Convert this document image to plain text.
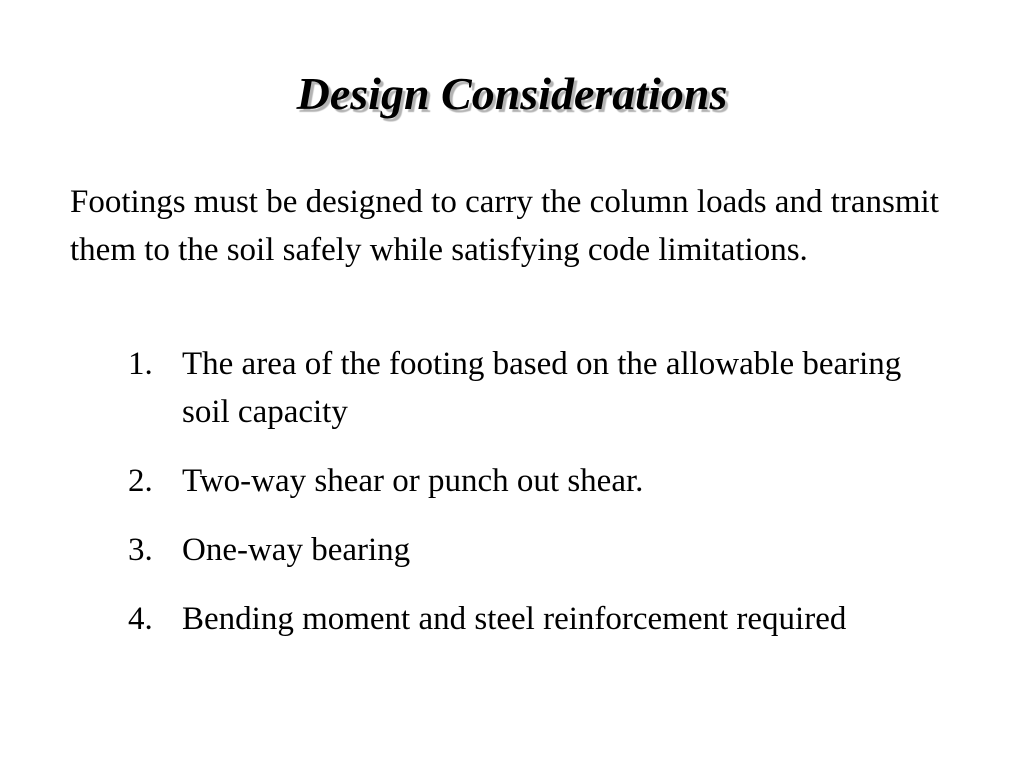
Design Considerations

Footings must be designed to carry the column loads and transmit them to the soil safely while satisfying code limitations.

1. The area of the footing based on the allowable bearing soil capacity
2. Two-way shear or punch out shear.
3. One-way bearing
4. Bending moment and steel reinforcement required
